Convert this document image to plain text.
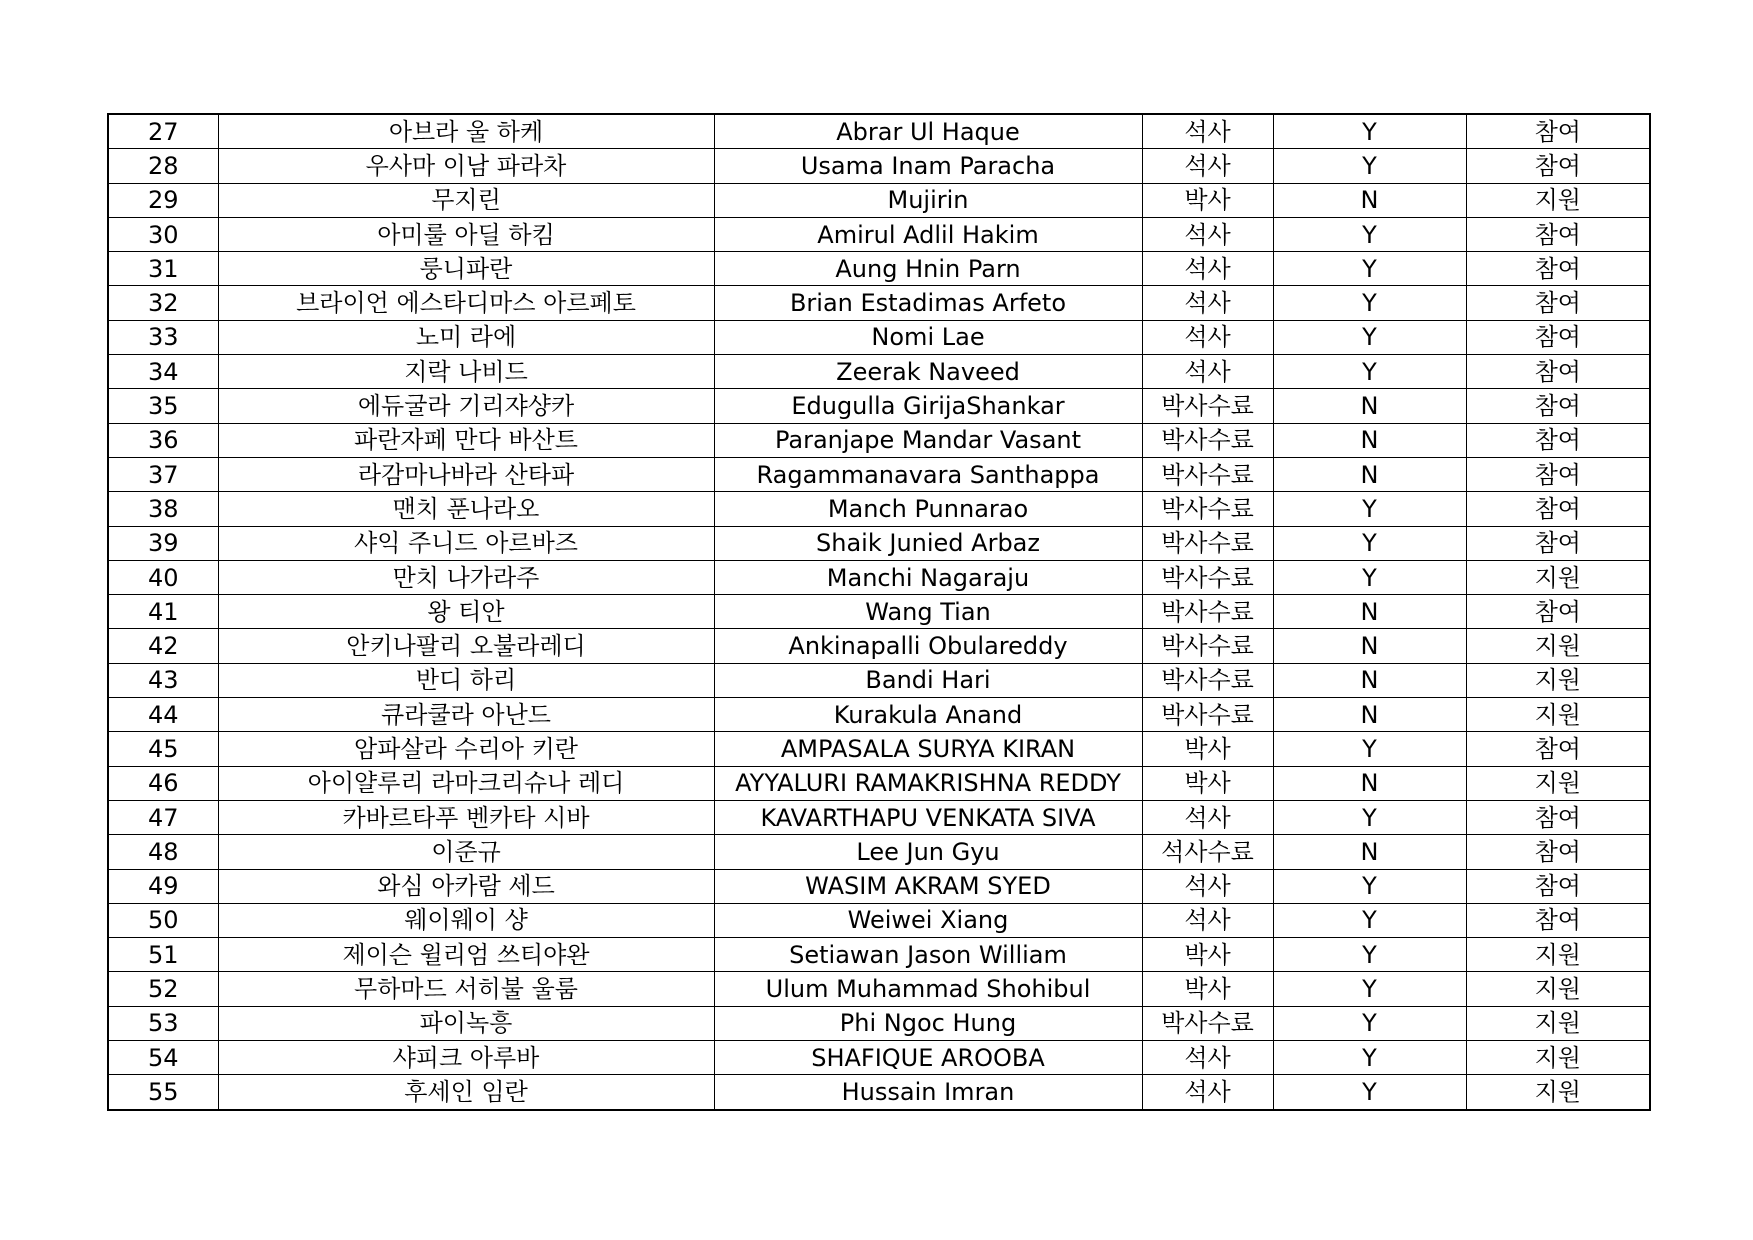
27	아브라 울 하케	Abrar Ul Haque	석사	Y	참여
28	우사마 이남 파라차	Usama Inam Paracha	석사	Y	참여
29	무지린	Mujirin	박사	N	지원
30	아미룰 아딜 하킴	Amirul Adlil Hakim	석사	Y	참여
31	룽니파란	Aung Hnin Parn	석사	Y	참여
32	브라이언 에스타디마스 아르페토	Brian Estadimas Arfeto	석사	Y	참여
33	노미 라에	Nomi Lae	석사	Y	참여
34	지락 나비드	Zeerak Naveed	석사	Y	참여
35	에듀굴라 기리쟈샹카	Edugulla GirijaShankar	박사수료	N	참여
36	파란자페 만다 바산트	Paranjape Mandar Vasant	박사수료	N	참여
37	라감마나바라 산타파	Ragammanavara Santhappa	박사수료	N	참여
38	맨치 푼나라오	Manch Punnarao	박사수료	Y	참여
39	샤익 주니드 아르바즈	Shaik Junied Arbaz	박사수료	Y	참여
40	만치 나가라주	Manchi Nagaraju	박사수료	Y	지원
41	왕 티안	Wang Tian	박사수료	N	참여
42	안키나팔리 오불라레디	Ankinapalli Obulareddy	박사수료	N	지원
43	반디 하리	Bandi Hari	박사수료	N	지원
44	큐라쿨라 아난드	Kurakula Anand	박사수료	N	지원
45	암파살라 수리아 키란	AMPASALA SURYA KIRAN	박사	Y	참여
46	아이얄루리 라마크리슈나 레디	AYYALURI RAMAKRISHNA REDDY	박사	N	지원
47	카바르타푸 벤카타 시바	KAVARTHAPU VENKATA SIVA	석사	Y	참여
48	이준규	Lee Jun Gyu	석사수료	N	참여
49	와심 아카람 세드	WASIM AKRAM SYED	석사	Y	참여
50	웨이웨이 샹	Weiwei Xiang	석사	Y	참여
51	제이슨 윌리엄 쓰티야완	Setiawan Jason William	박사	Y	지원
52	무하마드 서히불 울룸	Ulum Muhammad Shohibul	박사	Y	지원
53	파이녹흥	Phi Ngoc Hung	박사수료	Y	지원
54	샤피크 아루바	SHAFIQUE AROOBA	석사	Y	지원
55	후세인 임란	Hussain Imran	석사	Y	지원
